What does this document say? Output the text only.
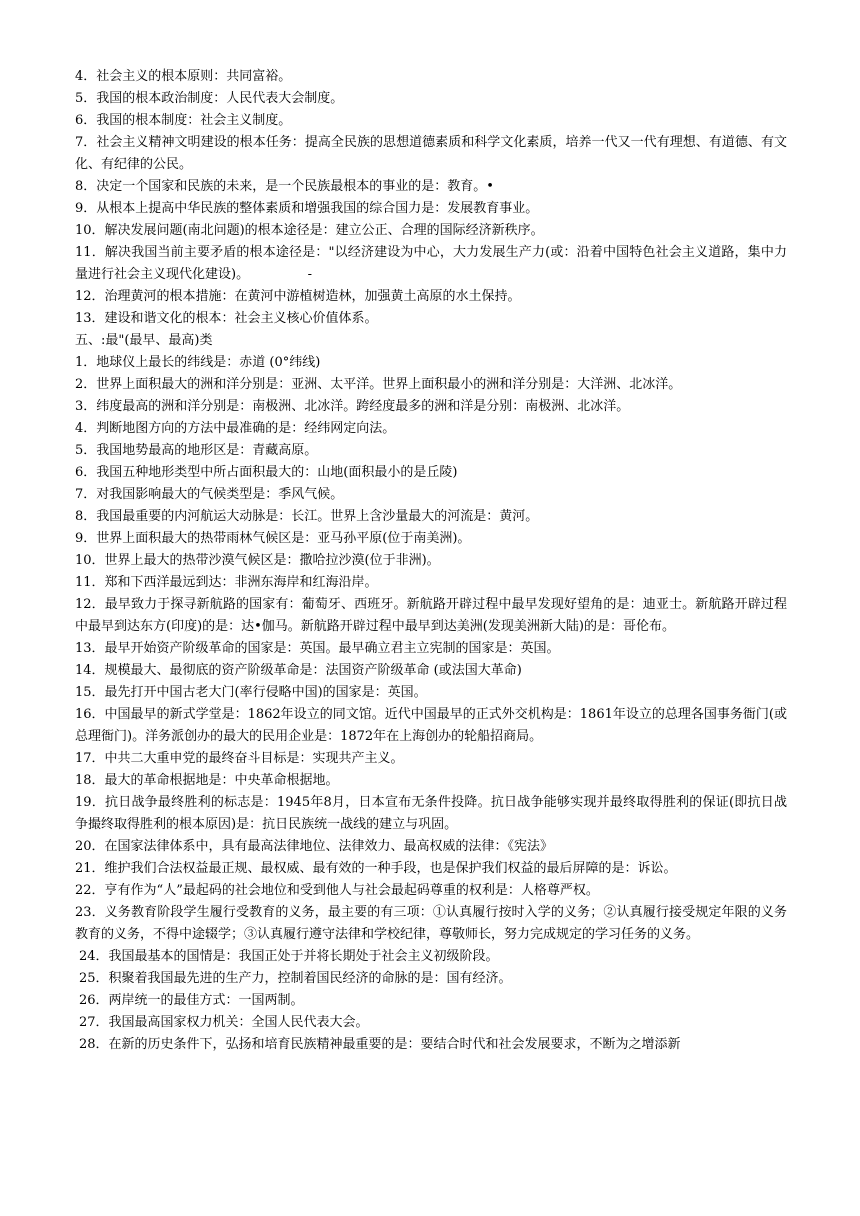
4．社会主义的根本原则：共同富裕。

5．我国的根本政治制度：人民代表大会制度。

6．我国的根本制度：社会主义制度。

7．社会主义精神文明建设的根本任务：提高全民族的思想道德素质和科学文化素质，培养一代又一代有理想、有道德、有文化、有纪律的公民。

8．决定一个国家和民族的未来，是一个民族最根本的事业的是：教育。•

9．从根本上提高中华民族的整体素质和增强我国的综合国力是：发展教育事业。

10．解决发展问题(南北问题)的根本途径是：建立公正、合理的国际经济新秩序。

11．解决我国当前主要矛盾的根本途径是："以经济建设为中心，大力发展生产力(或：沿着中国特色社会主义道路，集中力量进行社会主义现代化建设)。　　　　　-

12．治理黄河的根本措施：在黄河中游植树造林，加强黄土高原的水土保持。

13．建设和谐文化的根本：社会主义核心价值体系。

五、:最"(最早、最高)类

1．地球仪上最长的纬线是：赤道 (0°纬线)

2．世界上面积最大的洲和洋分别是：亚洲、太平洋。世界上面积最小的洲和洋分别是：大洋洲、北冰洋。

3．纬度最高的洲和洋分别是：南极洲、北冰洋。跨经度最多的洲和洋是分别：南极洲、北冰洋。

4．判断地图方向的方法中最准确的是：经纬网定向法。

5．我国地势最高的地形区是：青藏高原。

6．我国五种地形类型中所占面积最大的：山地(面积最小的是丘陵)

7．对我国影响最大的气候类型是：季风气候。

8．我国最重要的内河航运大动脉是：长江。世界上含沙量最大的河流是：黄河。

9．世界上面积最大的热带雨林气候区是：亚马孙平原(位于南美洲)。

10．世界上最大的热带沙漠气候区是：撒哈拉沙漠(位于非洲)。

11．郑和下西洋最远到达：非洲东海岸和红海沿岸。

12．最早致力于探寻新航路的国家有：葡萄牙、西班牙。新航路开辟过程中最早发现好望角的是：迪亚士。新航路开辟过程中最早到达东方(印度)的是：达•伽马。新航路开辟过程中最早到达美洲(发现美洲新大陆)的是：哥伦布。

13．最早开始资产阶级革命的国家是：英国。最早确立君主立宪制的国家是：英国。

14．规模最大、最彻底的资产阶级革命是：法国资产阶级革命 (或法国大革命)

15．最先打开中国古老大门(率行侵略中国)的国家是：英国。

16．中国最早的新式学堂是：1862年设立的同文馆。近代中国最早的正式外交机构是：1861年设立的总理各国事务衙门(或总理衙门)。洋务派创办的最大的民用企业是：1872年在上海创办的轮船招商局。

17．中共二大重申党的最终奋斗目标是：实现共产主义。

18．最大的革命根据地是：中央革命根据地。

19．抗日战争最终胜利的标志是：1945年8月，日本宣布无条件投降。抗日战争能够实现并最终取得胜利的保证(即抗日战争撮终取得胜利的根本原因)是：抗日民族统一战线的建立与巩固。

20．在国家法律体系中，具有最高法律地位、法律效力、最高权威的法律：《宪法》

21．维护我们合法权益最正规、最权威、最有效的一种手段，也是保护我们权益的最后屏障的是：诉讼。

22．亨有作为“人”最起码的社会地位和受到他人与社会最起码尊重的权利是：人格尊严权。

23．义务教育阶段学生履行受教育的义务，最主要的有三项：①认真履行按时入学的义务；②认真履行接受规定年限的义务教育的义务，不得中途辍学；③认真履行遵守法律和学校纪律，尊敬师长，努力完成规定的学习任务的义务。

24．我国最基本的国情是：我国正处于并将长期处于社会主义初级阶段。

25．积聚着我国最先进的生产力，控制着国民经济的命脉的是：国有经济。

26．两岸统一的最佳方式：一国两制。

27．我国最高国家权力机关：全国人民代表大会。

28．在新的历史条件下，弘扬和培育民族精神最重要的是：要结合时代和社会发展要求，不断为之增添新
